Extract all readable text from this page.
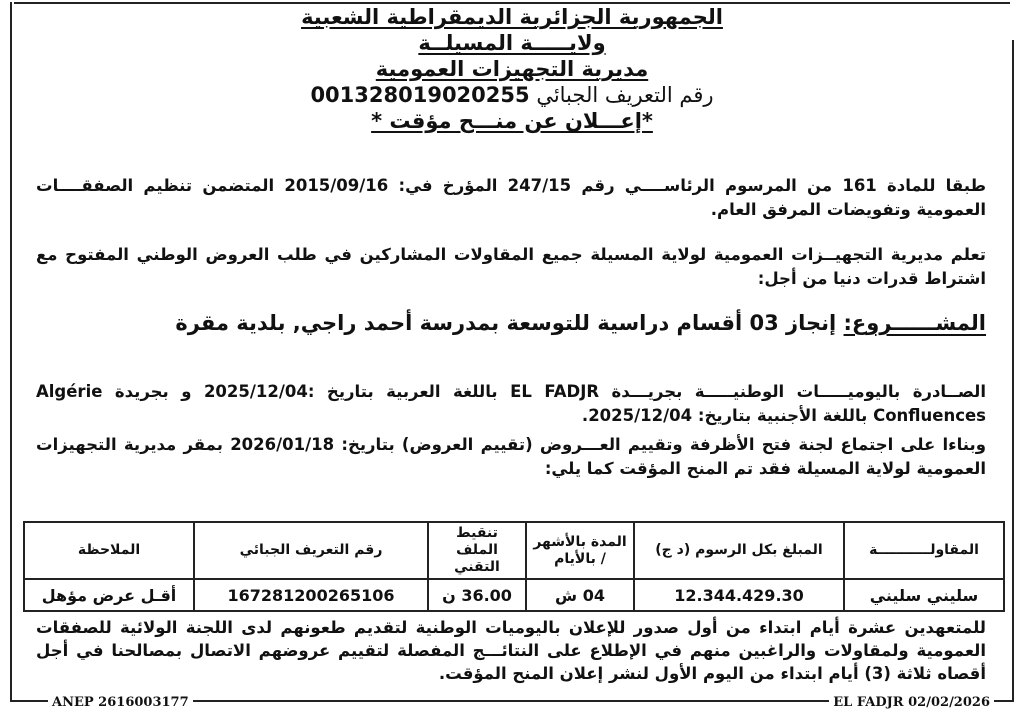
الجمهورية الجزائرية الديمقراطية الشعبية
ولايـــــة المسيلــة
مديرية التجهيزات العمومية
رقم التعريف الجبائي 001328019020255
*إعـــلان عن منـــح مؤقت *
طبقا للمادة 161 من المرسوم الرئاســــي رقم 247/15 المؤرخ في: 2015/09/16 المتضمن تنظيم الصفقــــات العمومية وتفويضات المرفق العام.
تعلم مديرية التجهيــزات العمومية لولاية المسيلة جميع المقاولات المشاركين في طلب العروض الوطني المفتوح مع اشتراط قدرات دنيا من أجل:
المشــــــروع: إنجاز 03 أقسام دراسية للتوسعة بمدرسة أحمد راجي, بلدية مقرة
الصــادرة باليوميـــــات الوطنيـــــة بجريـــدة EL FADJR باللغة العربية بتاريخ :2025/12/04 و بجريدة Algérie Confluences باللغة الأجنبية بتاريخ: 2025/12/04.
وبناءا على اجتماع لجنة فتح الأظرفة وتقييم العـــروض (تقييم العروض) بتاريخ: 2026/01/18 بمقر مديرية التجهيزات العمومية لولاية المسيلة فقد تم المنح المؤقت كما يلي:
المقاولـــــــــــة	المبلغ بكل الرسوم (د ج)	المدة بالأشهر / بالأيام	تنقيط الملف التقني	رقم التعريف الجبائي	الملاحظة
سليني سليني	12.344.429.30	04 ش	36.00 ن	167281200265106	أقـل عرض مؤهل
للمتعهدين عشرة أيام ابتداء من أول صدور للإعلان باليوميات الوطنية لتقديم طعونهم لدى اللجنة الولائية للصفقات العمومية ولمقاولات والراغبين منهم في الإطلاع على النتائـــج المفصلة لتقييم عروضهم الاتصال بمصالحنا في أجل أقصاه ثلاثة (3) أيام ابتداء من اليوم الأول لنشر إعلان المنح المؤقت.
ANEP 2616003177	EL FADJR 02/02/2026
